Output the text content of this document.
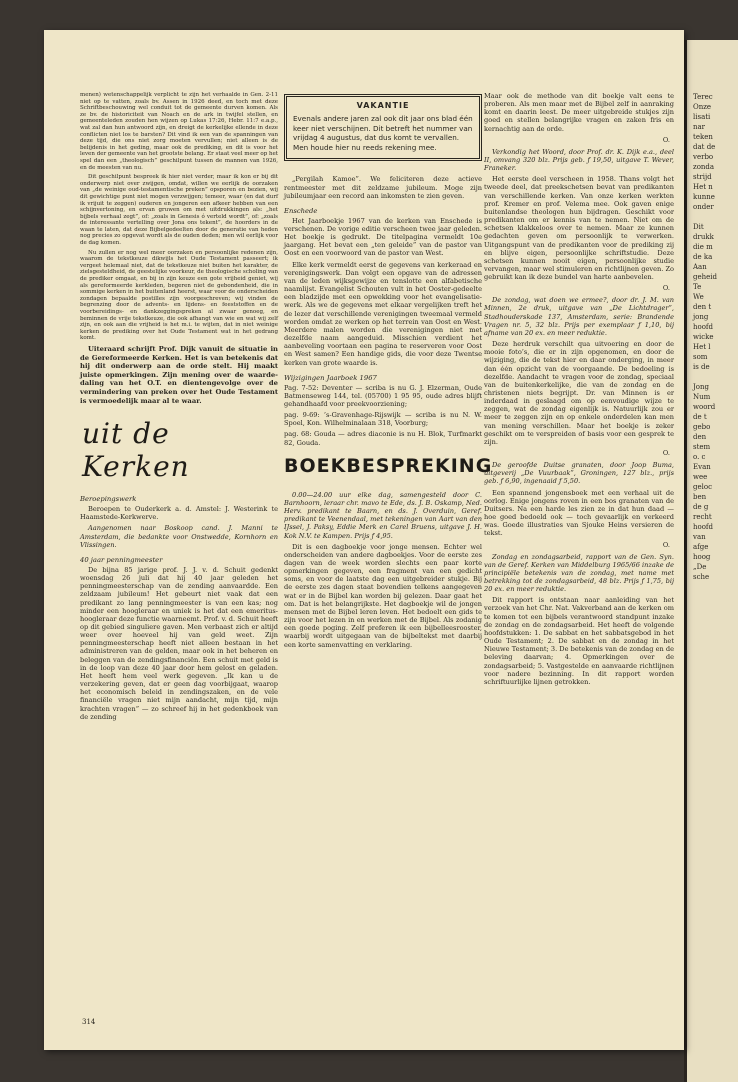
Terec
Onze
lisati
nar
teken
dat de
verbo
zonda
strijd
Het n
kunne
onder

Dit
drukk
die m
de ka
Aan
geheid
Te
We
den t
jong
hoofd
wicke
Het l
som
is de

Jong
Num
woord
de t
gebo
den
stem
o. c
Evan
wee
geloc
ben
de g
recht
hoofd
van
afge
hoog
„De
sche

menen) wetenschappelijk verplicht te zijn het verhaalde in Gen. 2-11 niet op te vatten, zoals bv. Assen in 1926 deed, en toch met deze Schriftbeschouwing wel conduit tot de gemeente durven komen. Als ze bv. de historiciteit van Noach en de ark in twijfel stellen, en gemeenteleden zouden hen wijzen op Lukas 17:26, Hebr. 11:7 e.a.p., wat zal dan hun antwoord zijn, en dreigt de kerkelijke ellende in deze conflicten niet los te barsten? Dit vind ik een van de spanningen van deze tijd, die ons niet zorg moeten vervullen; niet alleen is de belijdenis in het geding, maar ook de prediking, en dit is voor het leven der gemeente van het grootste belang. Er staat veel meer op het spel dan een „theologisch” geschilpunt tussen de mannen van 1926, en de meesten van nu.

Dit geschilpunt bespreek ik hier niet verder, maar ik kon er bij dit onderwerp niet over zwijgen, omdat, willen we eerlijk de oorzaken van „de weinige oud-testamentische preken” opsporen en bezien, wij dit gewichtige punt niet mogen verzwijgen; temeer, waar (en dat durf ik vrijuit te zeggen) ouderen en jongeren een afkeer hebben van een schijnvertoning, en ervan gruwen om met uitdrukkingen als: „het bijbels verhaal zegt”, of: „zoals in Genesis ó verteld wordt”, of: „zoals de interessante vertelling over Jona ons tekent”, de hoorders in de waan te laten, dat deze Bijbelgedeelten door de generatie van heden nog precies zo opgevat wordt als de ouden deden; men wil eerlijk voor de dag komen.

Nu zullen er nog wel meer oorzaken en persoonlijke redenen zijn, waarom de tekstkeuze dikwijls het Oude Testament passeert; ik vergeet helemaal niet, dat de tekstkeuze niet buiten het karakter, de zielsgesteldheid, de geestelijke voorkeur, de theologische scholing van de prediker omgaat, en bij in zijn keuze een gote vrijheid geniet, wij als gereformeerde kerkleden, begeren niet de gebondenheid, die in sommige kerken in het buitenland heerst, waar voor de onderscheiden zondagen bepaalde postilles zijn voorgeschreven; wij vinden de begrenzing door de advents- en lijdens- en feeststoffen en de voorbereidings- en dankzeggingspreken al zwaar genoeg, en beminnen de vrije tekstkeuze, die ook afhangt van wie en wat wij zelf zijn, en ook aan die vrijheid is het m.i. te wijten, dat in niet weinige kerken de prediking over het Oude Testament wat in het gedrang komt.

Uiteraard schrijft Prof. Dijk vanuit de situatie in de Gereformeerde Kerken. Het is van betekenis dat hij dit onderwerp aan de orde stelt. Hij maakt juiste opmerkingen. Zijn mening over de waarde-daling van het O.T. en dientengevolge over de vermindering van preken over het Oude Testament is vermoedelijk maar al te waar.

uit de Kerken
Beroepingswerk

Beroepen te Ouderkerk a. d. Amstel: J. Westerink te Haamstede-Kerkwerve.

Aangenomen naar Boskoop cand. J. Manni te Amsterdam, die bedankte voor Onstwedde, Kornhorn en Vlissingen.

40 jaar penningmeester

De bijna 85 jarige prof. J. J. v. d. Schuit gedenkt woensdag 26 juli dat hij 40 jaar geleden het penningmeesterschap van de zending aanvaardde. Een zeldzaam jubileum! Het gebeurt niet vaak dat een predikant zo lang penningmeester is van een kas; nog minder een hoogleraar en uniek is het dat een emeritus-hoogleraar deze functie waarneemt. Prof. v. d. Schuit heeft op dit gebied singuliere gaven. Men verbaast zich er altijd weer over hoeveel hij van geld weet. Zijn penningmeesterschap heeft niet alleen bestaan in het administreren van de gelden, maar ook in het beheren en beleggen van de zendingsfinanciën. Een schuit met geld is in de loop van deze 40 jaar door hem gelost en geladen. Het heeft hem veel werk gegeven. „Ik kan u de verzekering geven, dat er geen dag voorbijgaat, waarop het economisch beleid in zendingszaken, en de vele financiële vragen niet mijn aandacht, mijn tijd, mijn krachten vragen” — zo schreef hij in het gedenkboek van de zending

VAKANTIE

Evenals andere jaren zal ook dit jaar ons blad één keer niet verschijnen. Dit betreft het nummer van vrijdag 4 augustus, dat dus komt te vervallen. Men houde hier nu reeds rekening mee.

„Pergilah Kamoe”. We feliciteren deze actieve rentmeester met dit zeldzame jubileum. Moge zijn jubileumjaar een record aan inkomsten te zien geven.

Enschede

Het Jaarboekje 1967 van de kerken van Enschede is verschenen. De vorige editie verscheen twee jaar geleden. Het boekje is gedrukt. De titelpagina vermeldt 10e jaargang. Het bevat een „ten geleide” van de pastor van Oost en een voorwoord van de pastor van West.

Elke kerk vermeldt eerst de gegevens van kerkeraad en verenigingswerk. Dan volgt een opgave van de adressen van de leden wijksgewijze en tenslotte een alfabetische naamlijst. Evangelist Schouten vult in het Ooster-gedeelte een bladzijde met een opwekking voor het evangelisatie-werk. Als we de gegevens met elkaar vergelijken treft het de lezer dat verschillende verenigingen tweemaal vermeld worden omdat ze werken op het terrein van Oost en West. Meerdere malen worden die verenigingen niet met dezelfde naam aangeduid. Misschien verdient het aanbeveling voortaan een pagina te reserveren voor Oost en West samen? Een handige gids, die voor deze Twentse kerken van grote waarde is.

Wijzigingen Jaarboek 1967

Pag. 7-52: Deventer — scriba is nu G. J. Elzerman, Oude Batmenseweg 144, tel. (05700) 1 95 95, oude adres blijft gehandhaafd voor preekvoorziening;

pag. 9-69: ’s-Gravenhage-Rijswijk — scriba is nu N. W. Spoel, Kon. Wilhelminalaan 318, Voorburg;

pag. 68: Gouda — adres diaconie is nu H. Blok, Turfmarkt 82, Gouda.

BOEKBESPREKING

0.00—24.00 uur elke dag, samengesteld door C. Barnhoorn, leraar chr. mavo te Ede, ds. J. B. Oskamp, Ned. Herv. predikant te Baarn, en ds. J. Overduin, Geref. predikant te Veenendaal, met tekeningen van Aart van den IJssel, J. Paksy, Eddie Merk en Carel Bruens, uitgave J. H. Kok N.V. te Kampen. Prijs ƒ 4,95.

Dit is een dagboekje voor jonge mensen. Echter wel onderscheiden van andere dagboekjes. Voor de eerste zes dagen van de week worden slechts een paar korte opmerkingen gegeven, een fragment van een gedicht soms, en voor de laatste dag een uitgebreider stukje. Bij de eerste zes dagen staat bovendien telkens aangegeven wat er in de Bijbel kan worden bij gelezen. Daar gaat het om. Dat is het belangrijkste. Het dagboekje wil de jongen mensen met de Bijbel leren leven. Het bedoelt een gids te zijn voor het lezen in en werken met de Bijbel. Als zodanig een goede poging. Zelf preferen ik een bijbelleesrooster, waarbij wordt uitgegaan van de bijbeltekst met daarbij een korte samenvatting en verklaring.

Maar ook de methode van dit boekje valt eens te proberen. Als men maar met de Bijbel zelf in aanraking komt en daarin leest. De meer uitgebreide stukjes zijn goed en stellen belangrijke vragen en zaken fris en kernachtig aan de orde.

O.

Verkondig het Woord, door Prof. dr. K. Dijk e.a., deel II, omvang 320 blz. Prijs geb. ƒ 19,50, uitgave T. Wever, Franeker.

Het eerste deel verscheen in 1958. Thans volgt het tweede deel, dat preekschetsen bevat van predikanten van verschillende kerken. Van onze kerken werkten prof. Kremer en prof. Velema mee. Ook gaven enige buitenlandse theologen hun bijdragen. Geschikt voor predikanten om er kennis van te nemen. Niet om de schetsen klakkeloos over te nemen. Maar ze kunnen gedachten geven om persoonlijk te verwerken. Uitgangspunt van de predikanten voor de prediking zij en blijve eigen, persoonlijke schriftstudie. Deze schetsen kunnen nooit eigen, persoonlijke studie vervangen, maar wel stimuleren en richtlijnen geven. Zo gebruikt kan ik deze bundel van harte aanbevelen.

O.

De zondag, wat doen we ermee?, door dr. J. M. van Minnen, 2e druk, uitgave van „De Lichtdrager”, Stadhouderskade 137, Amsterdam, serie: Brandende Vragen nr. 5, 32 blz. Prijs per exemplaar ƒ 1,10, bij afname van 20 ex. en meer reduktie.

Deze herdruk verschilt qua uitvoering en door de mooie foto’s, die er in zijn opgenomen, en door de wijziging, die de tekst hier en daar onderging, in meer dan één opzicht van de voorgaande. De bedoeling is dezelfde. Aandacht te vragen voor de zondag, speciaal van de buitenkerkelijke, die van de zondag en de christenen niets begrijpt. Dr. van Minnen is er inderdaad in geslaagd om op eenvoudige wijze te zeggen, wat de zondag eigenlijk is. Natuurlijk zou er meer te zeggen zijn en op enkele onderdelen kan men van mening verschillen. Maar het boekje is zeker geschikt om te verspreiden of basis voor een gesprek te zijn.

O.

De geroofde Duitse granaten, door Joop Buma, uitgeverij „De Vuurbaak”, Groningen, 127 blz., prijs geb. ƒ 6,90, ingenaaid ƒ 5,50.

Een spannend jongensboek met een verhaal uit de oorlog. Enige jongens roven in een bos granaten van de Duitsers. Na een harde les zien ze in dat hun daad — hoe goed bedoeld ook — toch gevaarlijk en verkeerd was. Goede illustraties van Sjouke Heins versieren de tekst.

O.

Zondag en zondagsarbeid, rapport van de Gen. Syn. van de Geref. Kerken van Middelburg 1965/66 inzake de principiële betekenis van de zondag, met name met betrekking tot de zondagsarbeid, 48 blz. Prijs ƒ 1,75, bij 20 ex. en meer reduktie.

Dit rapport is ontstaan naar aanleiding van het verzoek van het Chr. Nat. Vakverband aan de kerken om te komen tot een bijbels verantwoord standpunt inzake de zondag en de zondagsarbeid. Het heeft de volgende hoofdstukken: 1. De sabbat en het sabbatsgebod in het Oude Testament; 2. De sabbat en de zondag in het Nieuwe Testament; 3. De betekenis van de zondag en de beleving daarvan; 4. Opmerkingen over de zondagsarbeid; 5. Vastgestelde en aanvaarde richtlijnen voor nadere bezinning. In dit rapport worden schriftuurlijke lijnen getrokken.

314
